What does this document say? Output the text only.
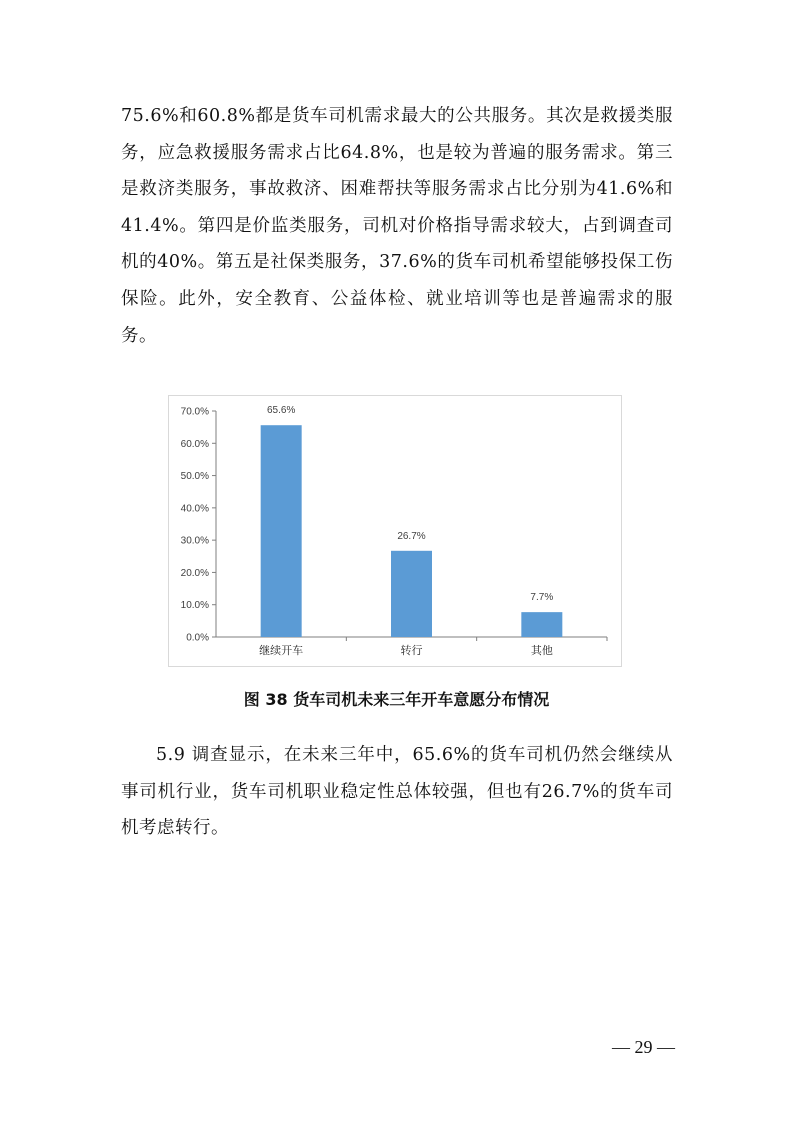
75.6%和60.8%都是货车司机需求最大的公共服务。其次是救援类服务，应急救援服务需求占比64.8%，也是较为普遍的服务需求。第三是救济类服务，事故救济、困难帮扶等服务需求占比分别为41.6%和41.4%。第四是价监类服务，司机对价格指导需求较大，占到调查司机的40%。第五是社保类服务，37.6%的货车司机希望能够投保工伤保险。此外，安全教育、公益体检、就业培训等也是普遍需求的服务。

0.0%
10.0%
20.0%
30.0%
40.0%
50.0%
60.0%
70.0%	65.6%
继续开车
26.7%
转行
7.7%
其他
图 38 货车司机未来三年开车意愿分布情况

5.9 调查显示，在未来三年中，65.6%的货车司机仍然会继续从事司机行业，货车司机职业稳定性总体较强，但也有26.7%的货车司机考虑转行。

— 29 —
